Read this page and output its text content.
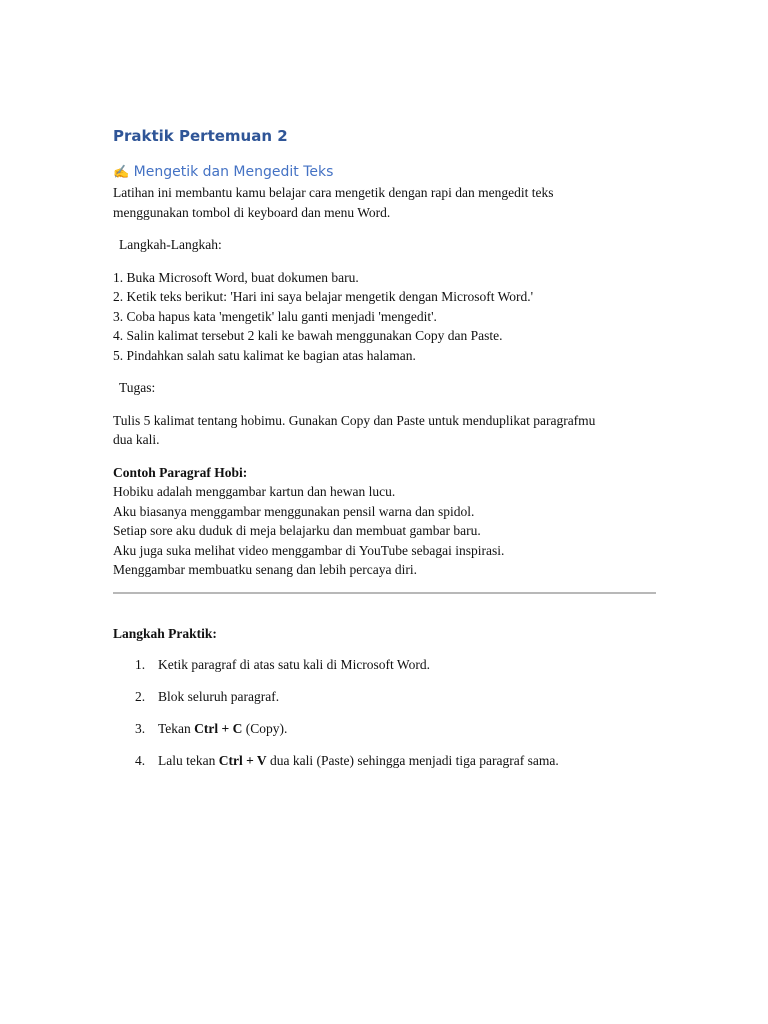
Praktik Pertemuan 2
✍️ Mengetik dan Mengedit Teks

Latihan ini membantu kamu belajar cara mengetik dengan rapi dan mengedit teks

menggunakan tombol di keyboard dan menu Word.

Langkah-Langkah:

1. Buka Microsoft Word, buat dokumen baru.

2. Ketik teks berikut: 'Hari ini saya belajar mengetik dengan Microsoft Word.'

3. Coba hapus kata 'mengetik' lalu ganti menjadi 'mengedit'.

4. Salin kalimat tersebut 2 kali ke bawah menggunakan Copy dan Paste.

5. Pindahkan salah satu kalimat ke bagian atas halaman.

Tugas:

Tulis 5 kalimat tentang hobimu. Gunakan Copy dan Paste untuk menduplikat paragrafmu

dua kali.

Contoh Paragraf Hobi:

Hobiku adalah menggambar kartun dan hewan lucu.

Aku biasanya menggambar menggunakan pensil warna dan spidol.

Setiap sore aku duduk di meja belajarku dan membuat gambar baru.

Aku juga suka melihat video menggambar di YouTube sebagai inspirasi.

Menggambar membuatku senang dan lebih percaya diri.

Langkah Praktik:

1. Ketik paragraf di atas satu kali di Microsoft Word.
2. Blok seluruh paragraf.
3. Tekan Ctrl + C (Copy).
4. Lalu tekan Ctrl + V dua kali (Paste) sehingga menjadi tiga paragraf sama.
